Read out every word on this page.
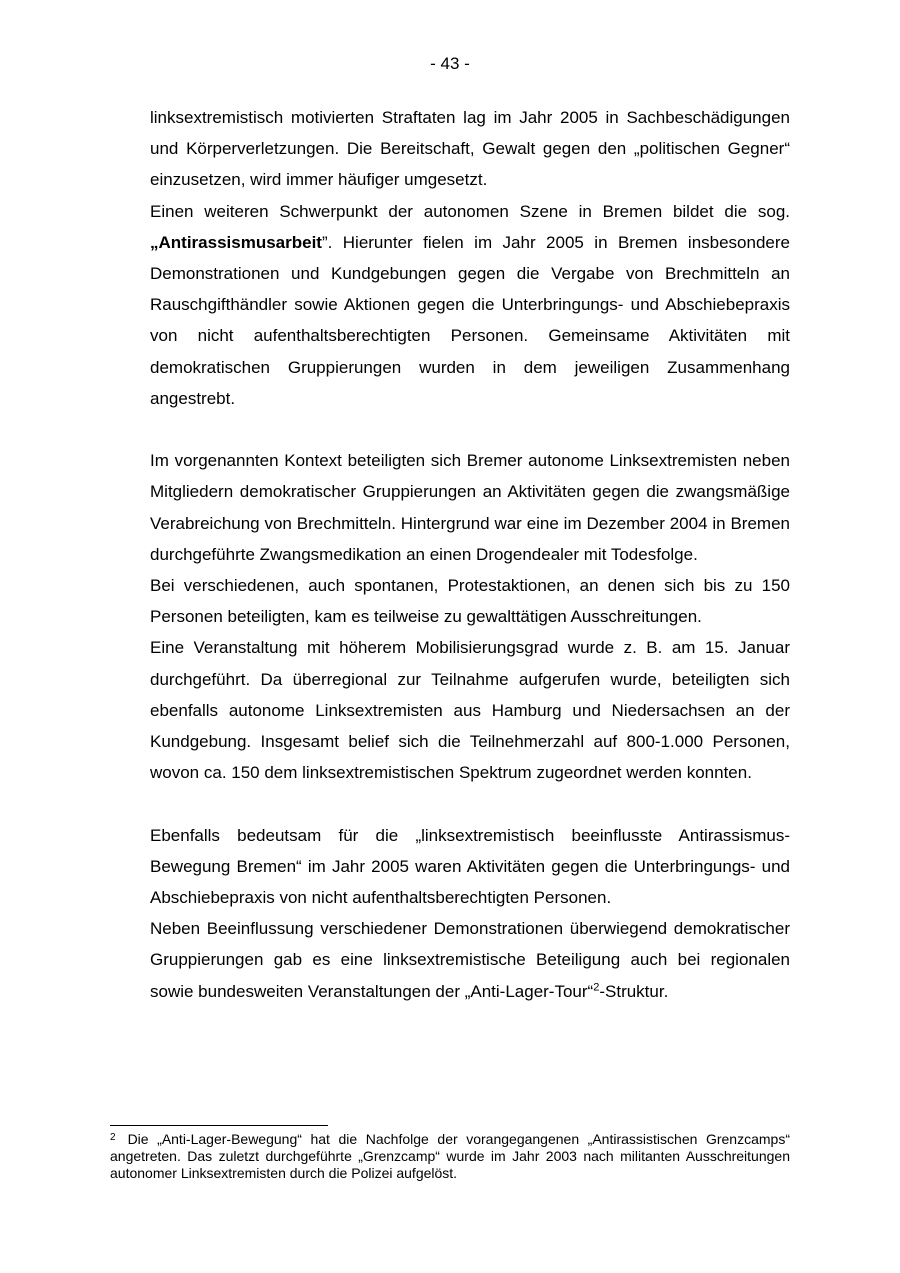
- 43 -

linksextremistisch motivierten Straftaten lag im Jahr 2005 in Sachbeschädigungen und Körperverletzungen. Die Bereitschaft, Gewalt gegen den „politischen Gegner“ einzusetzen, wird immer häufiger umgesetzt.

Einen weiteren Schwerpunkt der autonomen Szene in Bremen bildet die sog. „Antirassismusarbeit”. Hierunter fielen im Jahr 2005 in Bremen insbesondere Demonstrationen und Kundgebungen gegen die Vergabe von Brechmitteln an Rauschgifthändler sowie Aktionen gegen die Unterbringungs- und Abschiebepraxis von nicht aufenthaltsberechtigten Personen. Gemeinsame Aktivitäten mit demokratischen Gruppierungen wurden in dem jeweiligen Zusammenhang angestrebt.

Im vorgenannten Kontext beteiligten sich Bremer autonome Linksextremisten neben Mitgliedern demokratischer Gruppierungen an Aktivitäten gegen die zwangsmäßige Verabreichung von Brechmitteln. Hintergrund war eine im Dezember 2004 in Bremen durchgeführte Zwangsmedikation an einen Drogendealer mit Todesfolge.

Bei verschiedenen, auch spontanen, Protestaktionen, an denen sich bis zu 150 Personen beteiligten, kam es teilweise zu gewalttätigen Ausschreitungen.

Eine Veranstaltung mit höherem Mobilisierungsgrad wurde z. B. am 15. Januar durchgeführt. Da überregional zur Teilnahme aufgerufen wurde, beteiligten sich ebenfalls autonome Linksextremisten aus Hamburg und Niedersachsen an der Kundgebung. Insgesamt belief sich die Teilnehmerzahl auf 800-1.000 Personen, wovon ca. 150 dem linksextremistischen Spektrum zugeordnet werden konnten.

Ebenfalls bedeutsam für die „linksextremistisch beeinflusste Antirassismus-Bewegung Bremen“ im Jahr 2005 waren Aktivitäten gegen die Unterbringungs- und Abschiebepraxis von nicht aufenthaltsberechtigten Personen.

Neben Beeinflussung verschiedener Demonstrationen überwiegend demokratischer Gruppierungen gab es eine linksextremistische Beteiligung auch bei regionalen sowie bundesweiten Veranstaltungen der „Anti-Lager-Tour“$^2$-Struktur.

$^2$ Die „Anti-Lager-Bewegung“ hat die Nachfolge der vorangegangenen „Antirassistischen Grenzcamps“ angetreten. Das zuletzt durchgeführte „Grenzcamp“ wurde im Jahr 2003 nach militanten Ausschreitungen autonomer Linksextremisten durch die Polizei aufgelöst.
